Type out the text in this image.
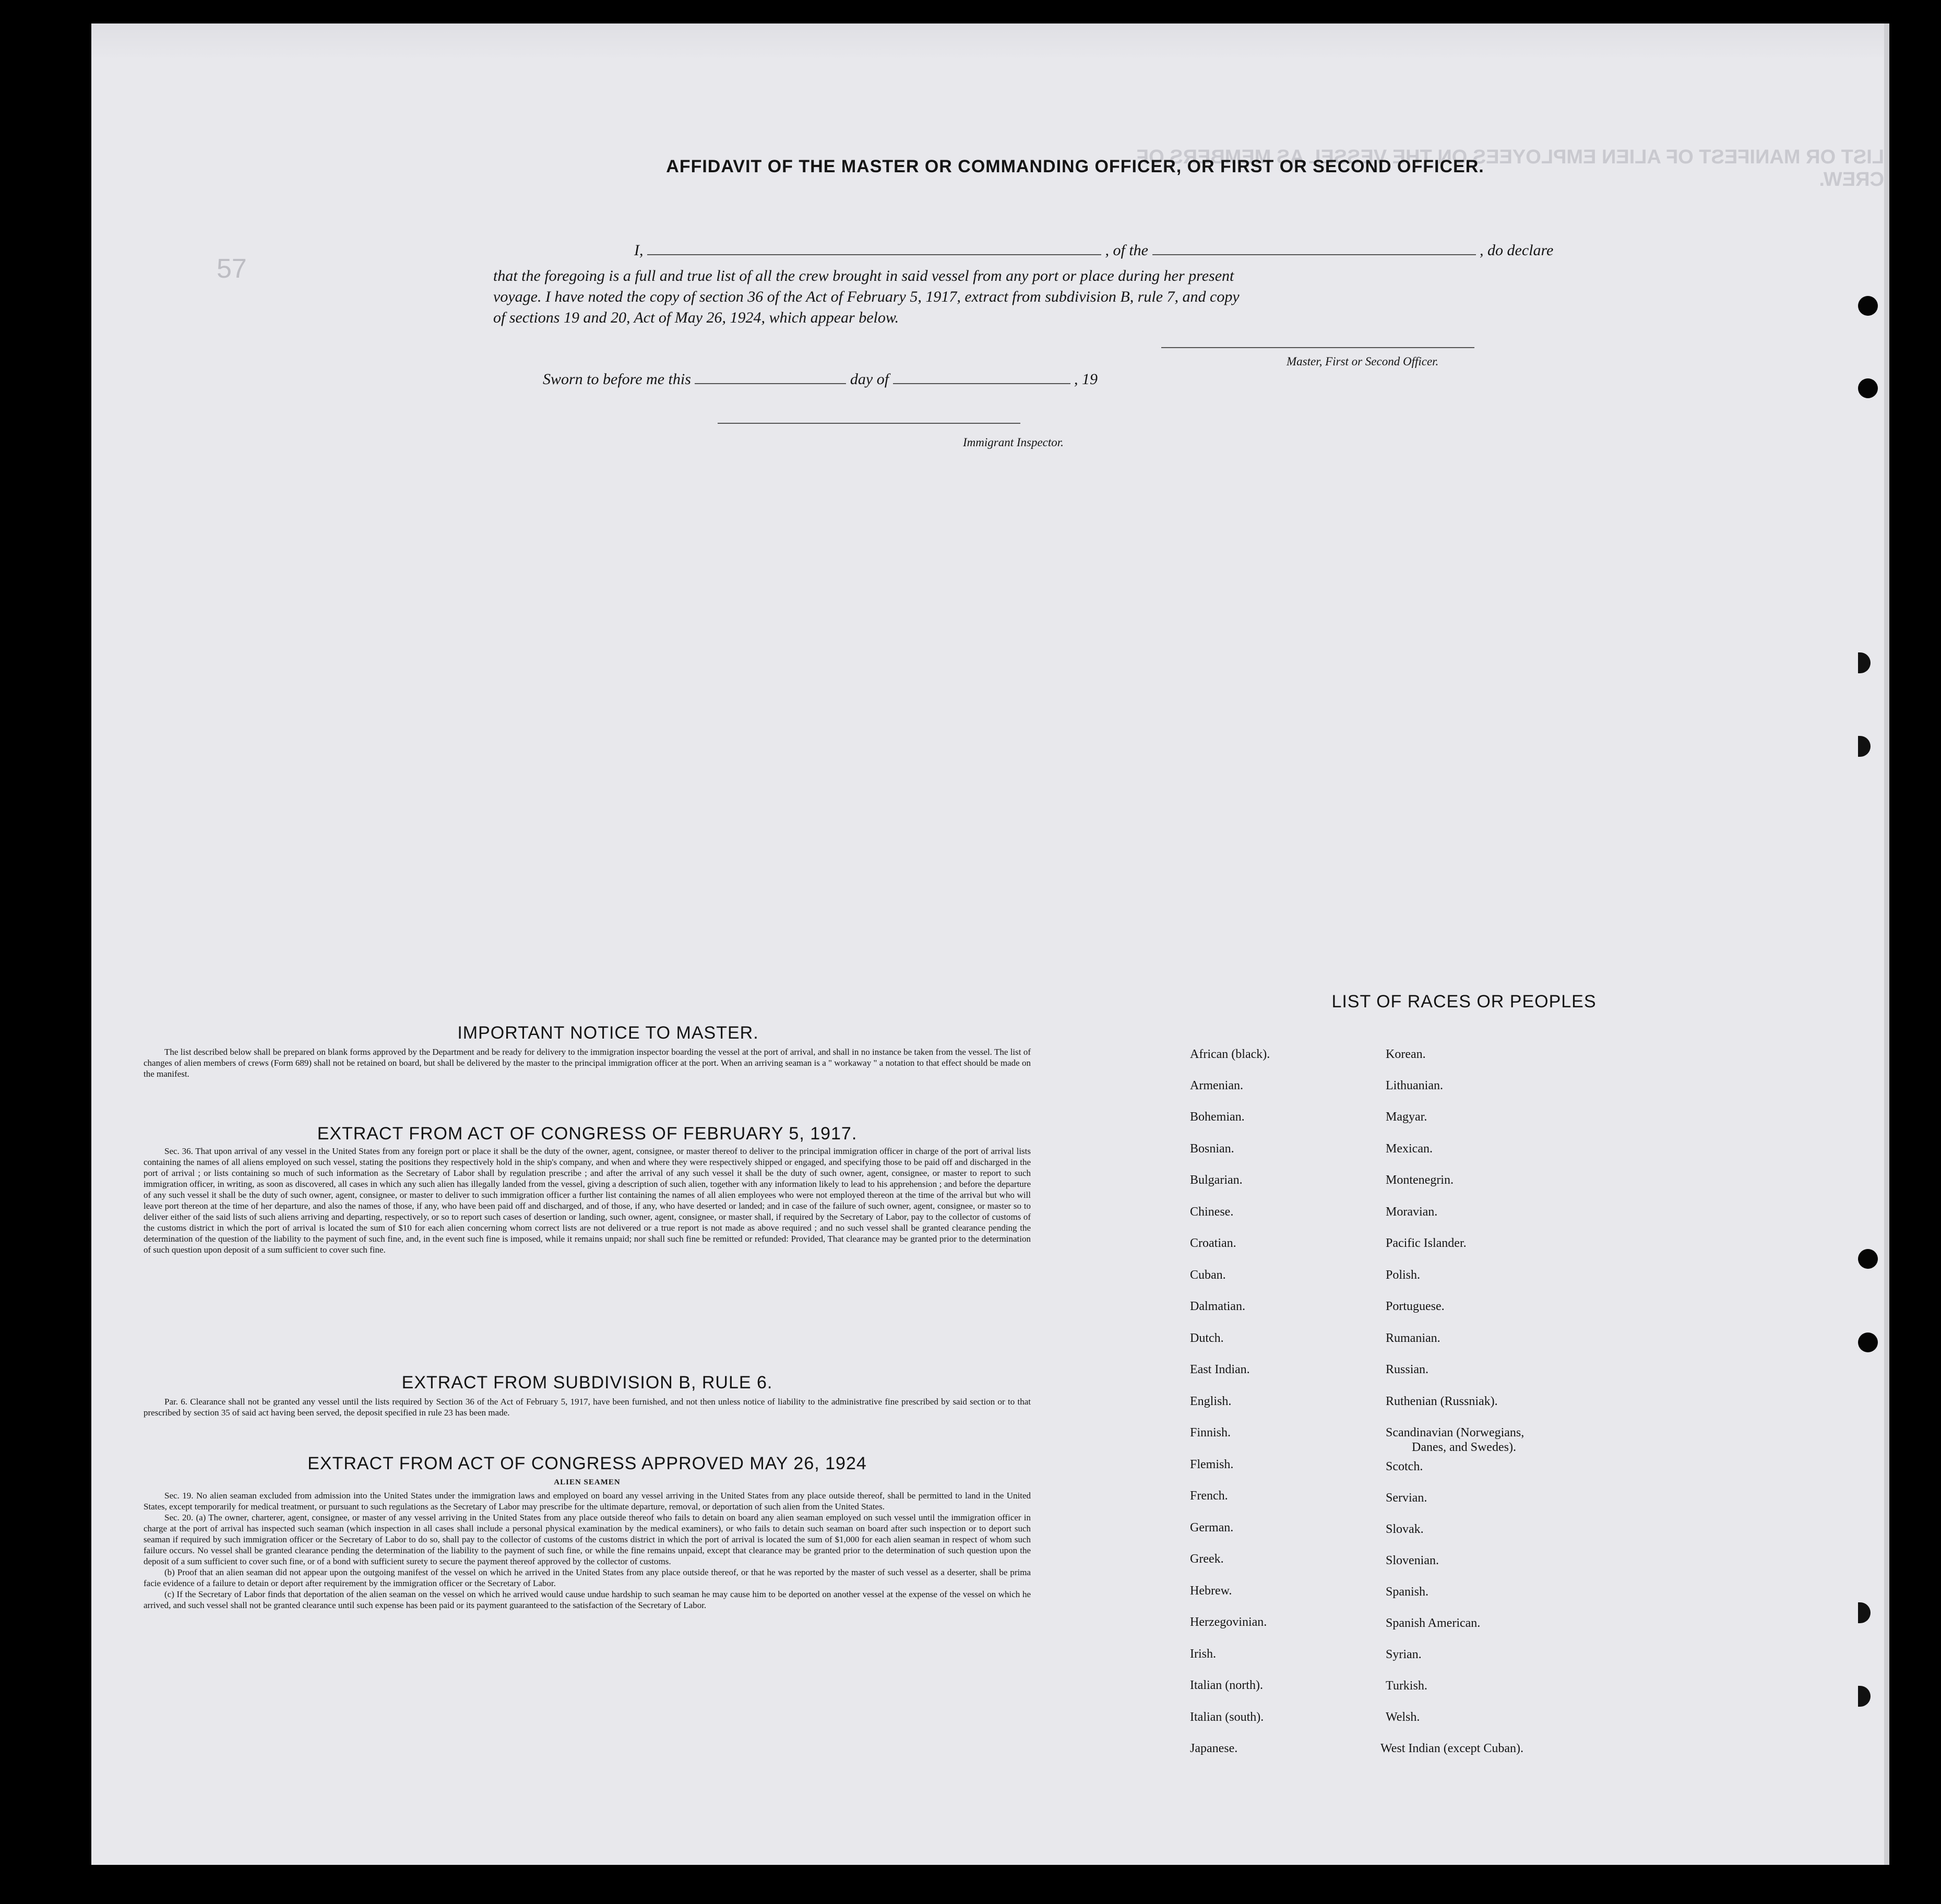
LIST OR MANIFEST OF ALIEN EMPLOYEES ON THE VESSEL AS MEMBERS OF CREW.
57
AFFIDAVIT OF THE MASTER OR COMMANDING OFFICER, OR FIRST OR SECOND OFFICER.
I,	, of the	, do declare
that the foregoing is a full and true list of all the crew brought in said vessel from any port or place during her present
voyage. I have noted the copy of section 36 of the Act of February 5, 1917, extract from subdivision B, rule 7, and copy
of sections 19 and 20, Act of May 26, 1924, which appear below.
Master, First or Second Officer.
Sworn to before me this	day of	, 19
Immigrant Inspector.
IMPORTANT NOTICE TO MASTER.

The list described below shall be prepared on blank forms approved by the Department and be ready for delivery to the immigration inspector boarding the vessel at the port of arrival, and shall in no instance be taken from the vessel. The list of changes of alien members of crews (Form 689) shall not be retained on board, but shall be delivered by the master to the principal immigration officer at the port. When an arriving seaman is a " workaway " a notation to that effect should be made on the manifest.

EXTRACT FROM ACT OF CONGRESS OF FEBRUARY 5, 1917.

Sec. 36. That upon arrival of any vessel in the United States from any foreign port or place it shall be the duty of the owner, agent, consignee, or master thereof to deliver to the principal immigration officer in charge of the port of arrival lists containing the names of all aliens employed on such vessel, stating the positions they respectively hold in the ship's company, and when and where they were respectively shipped or engaged, and specifying those to be paid off and discharged in the port of arrival ; or lists containing so much of such information as the Secretary of Labor shall by regulation prescribe ; and after the arrival of any such vessel it shall be the duty of such owner, agent, consignee, or master to report to such immigration officer, in writing, as soon as discovered, all cases in which any such alien has illegally landed from the vessel, giving a description of such alien, together with any information likely to lead to his apprehension ; and before the departure of any such vessel it shall be the duty of such owner, agent, consignee, or master to deliver to such immigration officer a further list containing the names of all alien employees who were not employed thereon at the time of the arrival but who will leave port thereon at the time of her departure, and also the names of those, if any, who have been paid off and discharged, and of those, if any, who have deserted or landed; and in case of the failure of such owner, agent, consignee, or master so to deliver either of the said lists of such aliens arriving and departing, respectively, or so to report such cases of desertion or landing, such owner, agent, consignee, or master shall, if required by the Secretary of Labor, pay to the collector of customs of the customs district in which the port of arrival is located the sum of $10 for each alien concerning whom correct lists are not delivered or a true report is not made as above required ; and no such vessel shall be granted clearance pending the determination of the question of the liability to the payment of such fine, and, in the event such fine is imposed, while it remains unpaid; nor shall such fine be remitted or refunded: Provided, That clearance may be granted prior to the determination of such question upon deposit of a sum sufficient to cover such fine.

EXTRACT FROM SUBDIVISION B, RULE 6.

Par. 6. Clearance shall not be granted any vessel until the lists required by Section 36 of the Act of February 5, 1917, have been furnished, and not then unless notice of liability to the administrative fine prescribed by said section or to that prescribed by section 35 of said act having been served, the deposit specified in rule 23 has been made.

EXTRACT FROM ACT OF CONGRESS APPROVED MAY 26, 1924
ALIEN SEAMEN

Sec. 19. No alien seaman excluded from admission into the United States under the immigration laws and employed on board any vessel arriving in the United States from any place outside thereof, shall be permitted to land in the United States, except temporarily for medical treatment, or pursuant to such regulations as the Secretary of Labor may prescribe for the ultimate departure, removal, or deportation of such alien from the United States.

Sec. 20. (a) The owner, charterer, agent, consignee, or master of any vessel arriving in the United States from any place outside thereof who fails to detain on board any alien seaman employed on such vessel until the immigration officer in charge at the port of arrival has inspected such seaman (which inspection in all cases shall include a personal physical examination by the medical examiners), or who fails to detain such seaman on board after such inspection or to deport such seaman if required by such immigration officer or the Secretary of Labor to do so, shall pay to the collector of customs of the customs district in which the port of arrival is located the sum of $1,000 for each alien seaman in respect of whom such failure occurs. No vessel shall be granted clearance pending the determination of the liability to the payment of such fine, or while the fine remains unpaid, except that clearance may be granted prior to the determination of such question upon the deposit of a sum sufficient to cover such fine, or of a bond with sufficient surety to secure the payment thereof approved by the collector of customs.

(b) Proof that an alien seaman did not appear upon the outgoing manifest of the vessel on which he arrived in the United States from any place outside thereof, or that he was reported by the master of such vessel as a deserter, shall be prima facie evidence of a failure to detain or deport after requirement by the immigration officer or the Secretary of Labor.

(c) If the Secretary of Labor finds that deportation of the alien seaman on the vessel on which he arrived would cause undue hardship to such seaman he may cause him to be deported on another vessel at the expense of the vessel on which he arrived, and such vessel shall not be granted clearance until such expense has been paid or its payment guaranteed to the satisfaction of the Secretary of Labor.

LIST OF RACES OR PEOPLES
African (black).
Armenian.
Bohemian.
Bosnian.
Bulgarian.
Chinese.
Croatian.
Cuban.
Dalmatian.
Dutch.
East Indian.
English.
Finnish.
Flemish.
French.
German.
Greek.
Hebrew.
Herzegovinian.
Irish.
Italian (north).
Italian (south).
Japanese.
Korean.
Lithuanian.
Magyar.
Mexican.
Montenegrin.
Moravian.
Pacific Islander.
Polish.
Portuguese.
Rumanian.
Russian.
Ruthenian (Russniak).
Scandinavian (Norwegians,
Danes, and Swedes).
Scotch.
Servian.
Slovak.
Slovenian.
Spanish.
Spanish American.
Syrian.
Turkish.
Welsh.
West Indian (except Cuban).
